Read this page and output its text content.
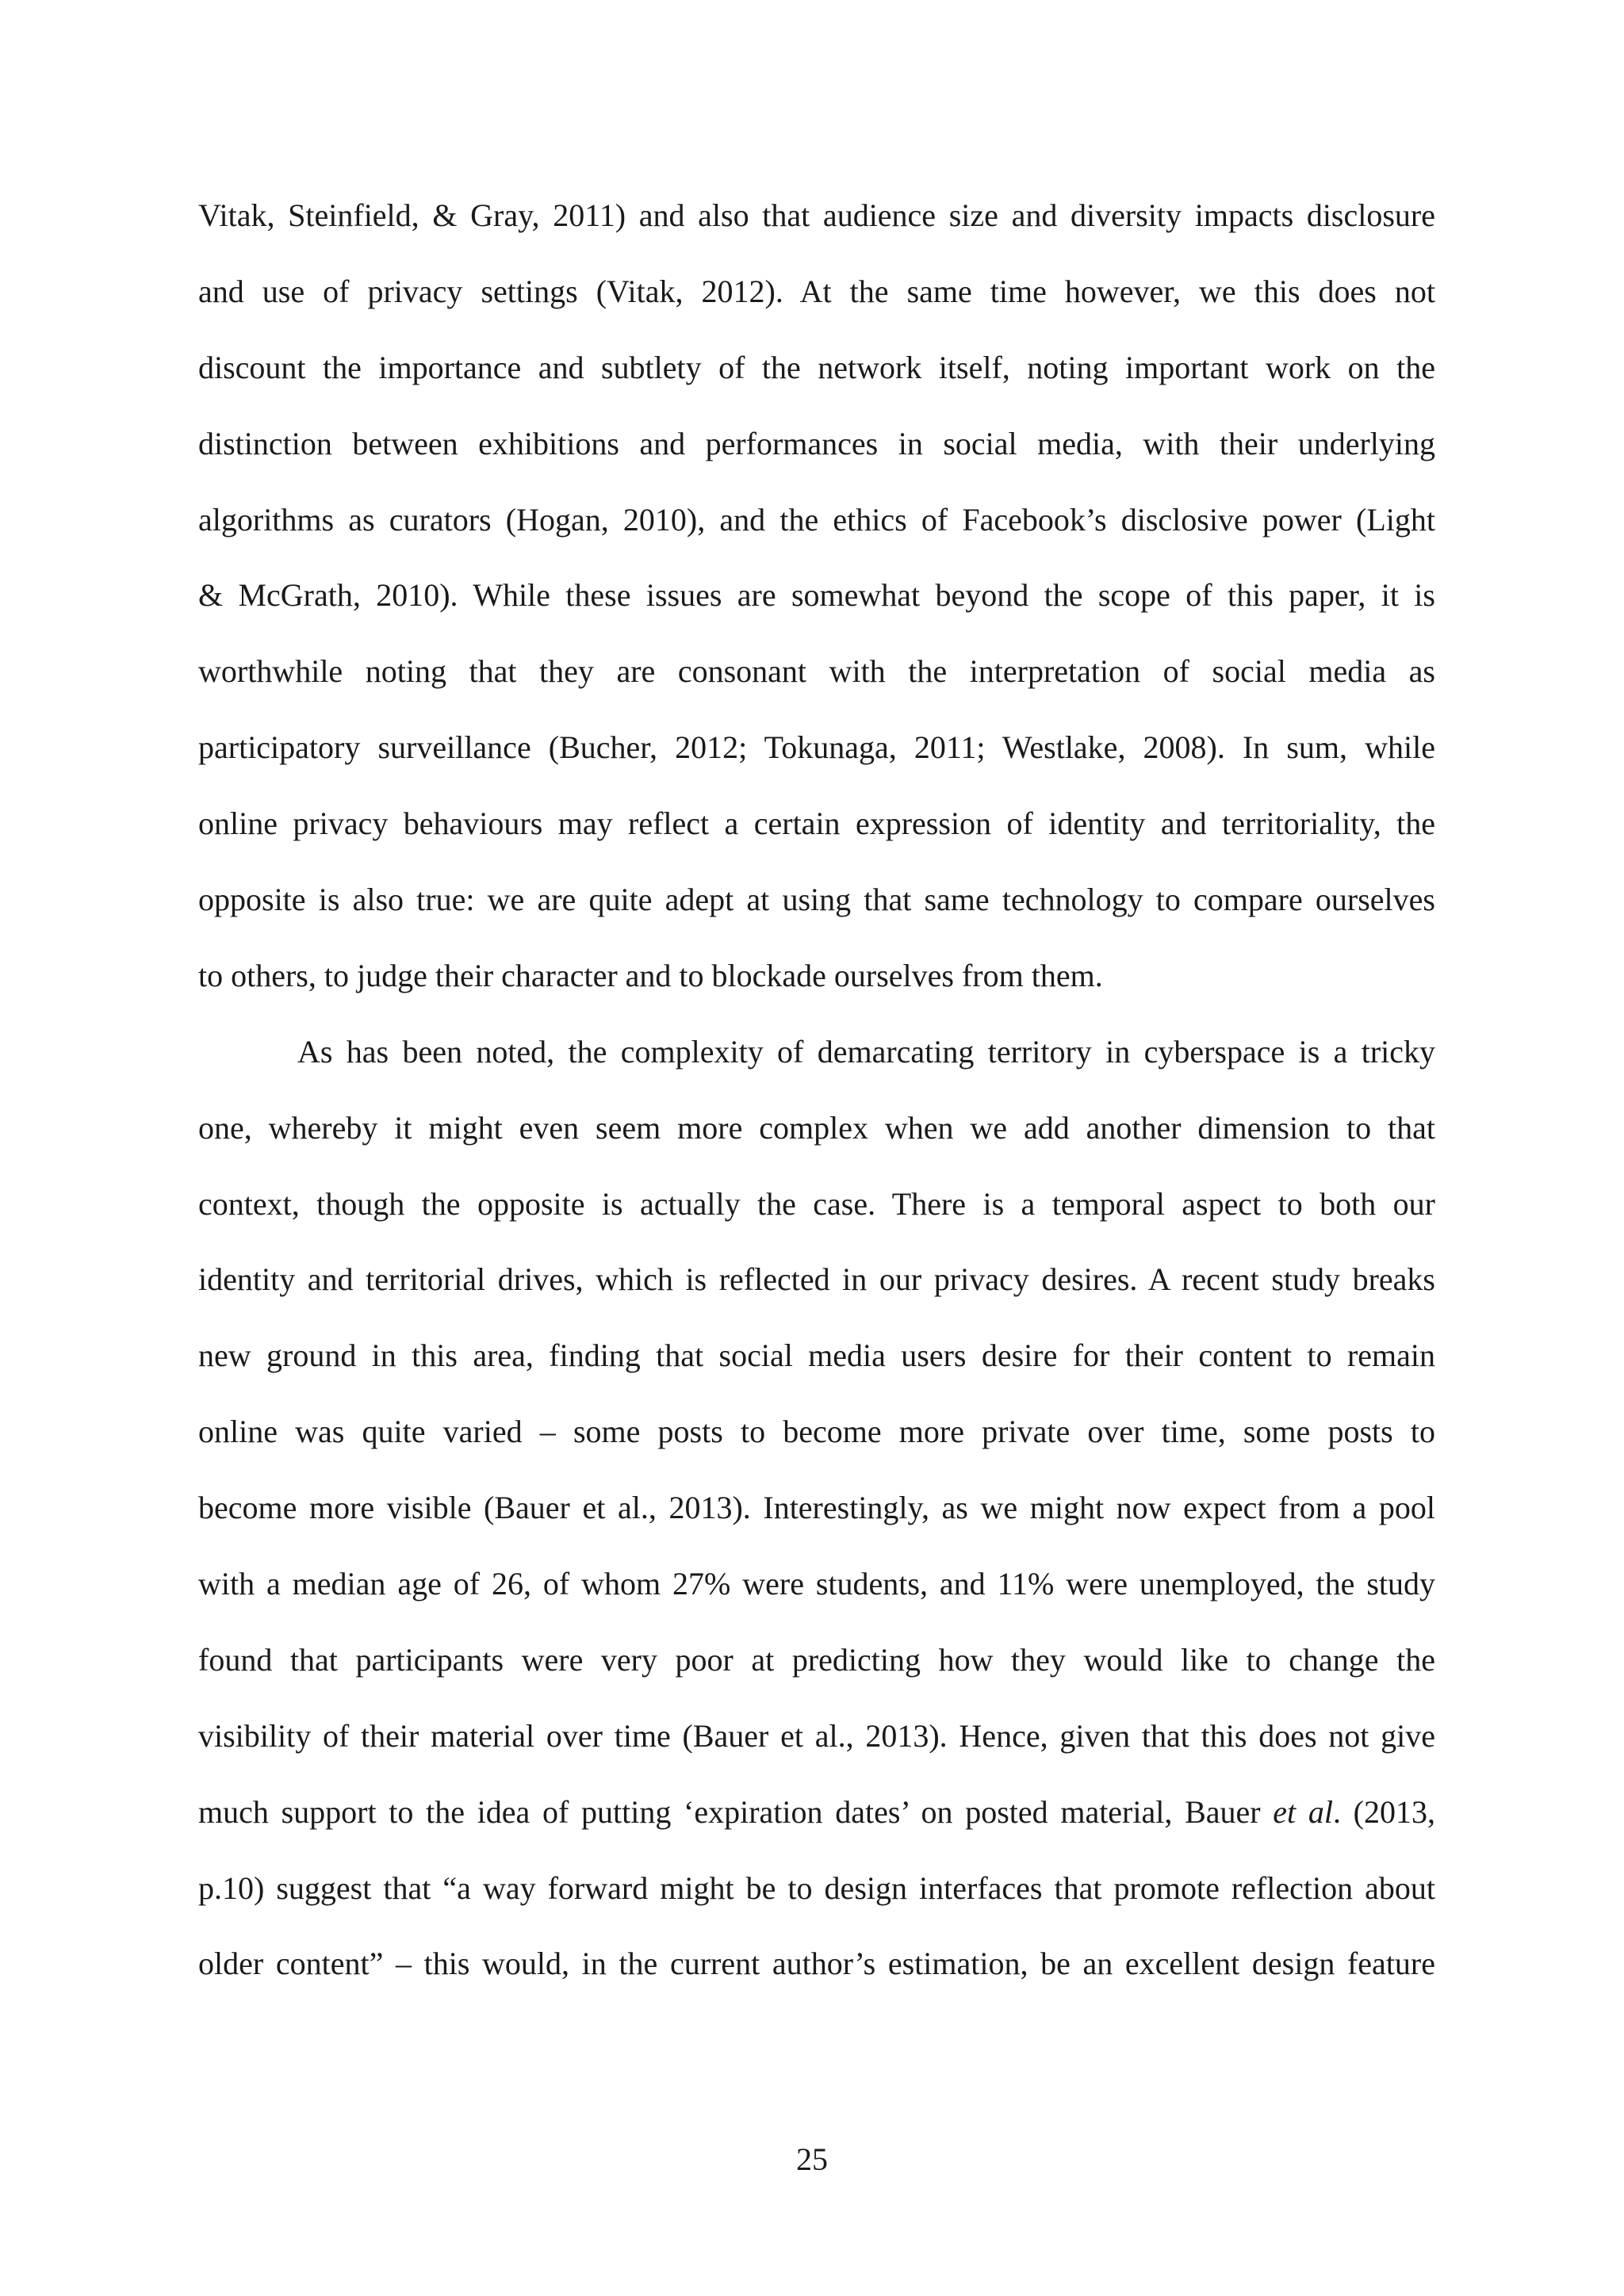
Vitak, Steinfield, & Gray, 2011) and also that audience size and diversity impacts disclosure
and use of privacy settings (Vitak, 2012). At the same time however, we this does not
discount the importance and subtlety of the network itself, noting important work on the
distinction between exhibitions and performances in social media, with their underlying
algorithms as curators (Hogan, 2010), and the ethics of Facebook’s disclosive power (Light
& McGrath, 2010). While these issues are somewhat beyond the scope of this paper, it is
worthwhile noting that they are consonant with the interpretation of social media as
participatory surveillance (Bucher, 2012; Tokunaga, 2011; Westlake, 2008). In sum, while
online privacy behaviours may reflect a certain expression of identity and territoriality, the
opposite is also true: we are quite adept at using that same technology to compare ourselves
to others, to judge their character and to blockade ourselves from them.
As has been noted, the complexity of demarcating territory in cyberspace is a tricky
one, whereby it might even seem more complex when we add another dimension to that
context, though the opposite is actually the case. There is a temporal aspect to both our
identity and territorial drives, which is reflected in our privacy desires. A recent study breaks
new ground in this area, finding that social media users desire for their content to remain
online was quite varied – some posts to become more private over time, some posts to
become more visible (Bauer et al., 2013). Interestingly, as we might now expect from a pool
with a median age of 26, of whom 27% were students, and 11% were unemployed, the study
found that participants were very poor at predicting how they would like to change the
visibility of their material over time (Bauer et al., 2013). Hence, given that this does not give
much support to the idea of putting ‘expiration dates’ on posted material, Bauer et al. (2013,
p.10) suggest that “a way forward might be to design interfaces that promote reflection about
older content” – this would, in the current author’s estimation, be an excellent design feature
25
